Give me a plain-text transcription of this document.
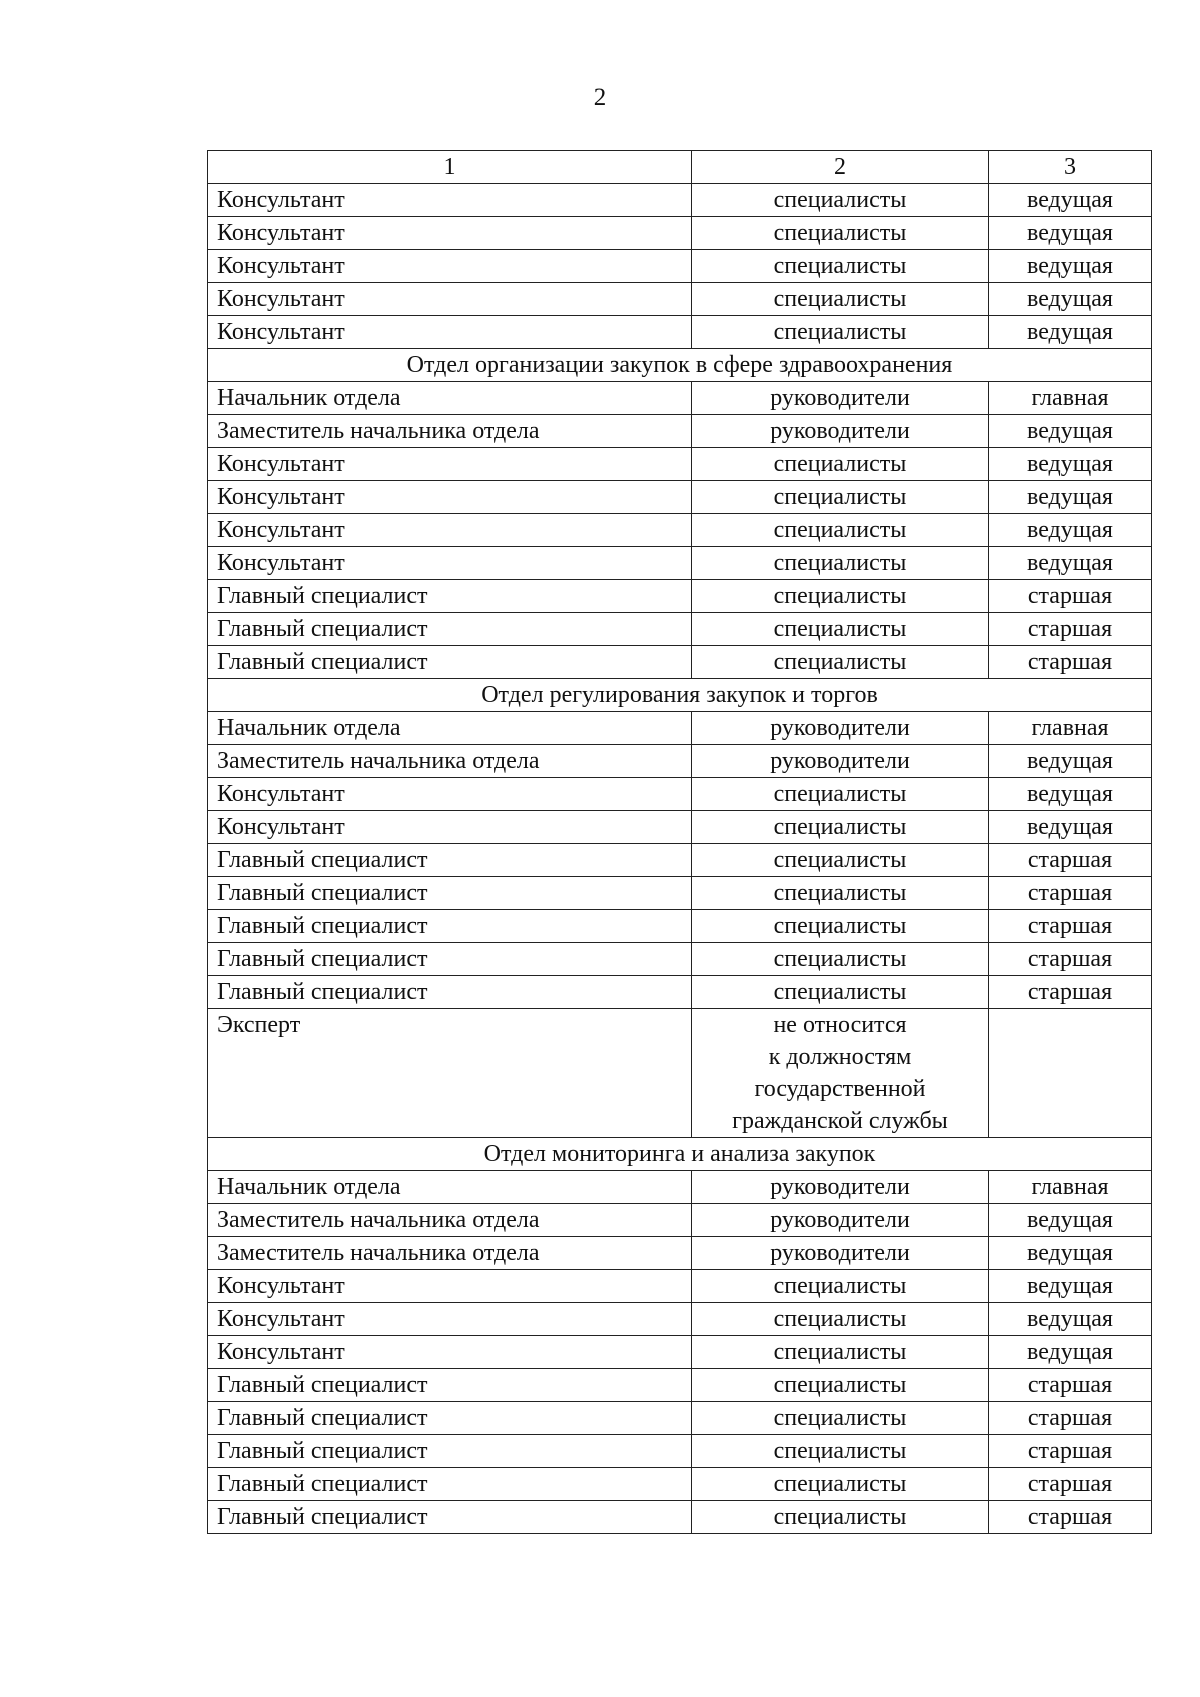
2
1	2	3
Консультант	специалисты	ведущая
Консультант	специалисты	ведущая
Консультант	специалисты	ведущая
Консультант	специалисты	ведущая
Консультант	специалисты	ведущая
Отдел организации закупок в сфере здравоохранения		
Начальник отдела	руководители	главная
Заместитель начальника отдела	руководители	ведущая
Консультант	специалисты	ведущая
Консультант	специалисты	ведущая
Консультант	специалисты	ведущая
Консультант	специалисты	ведущая
Главный специалист	специалисты	старшая
Главный специалист	специалисты	старшая
Главный специалист	специалисты	старшая
Отдел регулирования закупок и торгов		
Начальник отдела	руководители	главная
Заместитель начальника отдела	руководители	ведущая
Консультант	специалисты	ведущая
Консультант	специалисты	ведущая
Главный специалист	специалисты	старшая
Главный специалист	специалисты	старшая
Главный специалист	специалисты	старшая
Главный специалист	специалисты	старшая
Главный специалист	специалисты	старшая
Эксперт	не относится
к должностям
государственной
гражданской службы	

Отдел мониторинга и анализа закупок		
Начальник отдела	руководители	главная
Заместитель начальника отдела	руководители	ведущая
Заместитель начальника отдела	руководители	ведущая
Консультант	специалисты	ведущая
Консультант	специалисты	ведущая
Консультант	специалисты	ведущая
Главный специалист	специалисты	старшая
Главный специалист	специалисты	старшая
Главный специалист	специалисты	старшая
Главный специалист	специалисты	старшая
Главный специалист	специалисты	старшая
